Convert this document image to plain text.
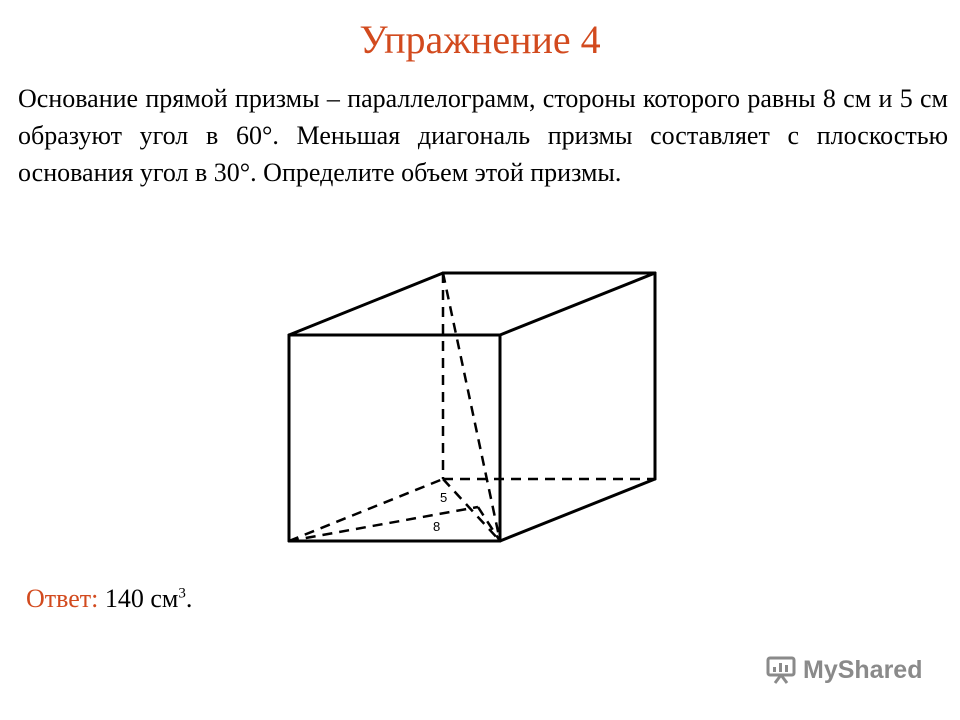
Упражнение 4
Основание прямой призмы – параллелограмм, стороны которого равны 8 см и 5 см образуют угол в 60°. Меньшая диагональ призмы составляет с плоскостью основания угол в 30°. Определите объем этой призмы.
5
8
Ответ: 140 $см^3$.
MyShared
